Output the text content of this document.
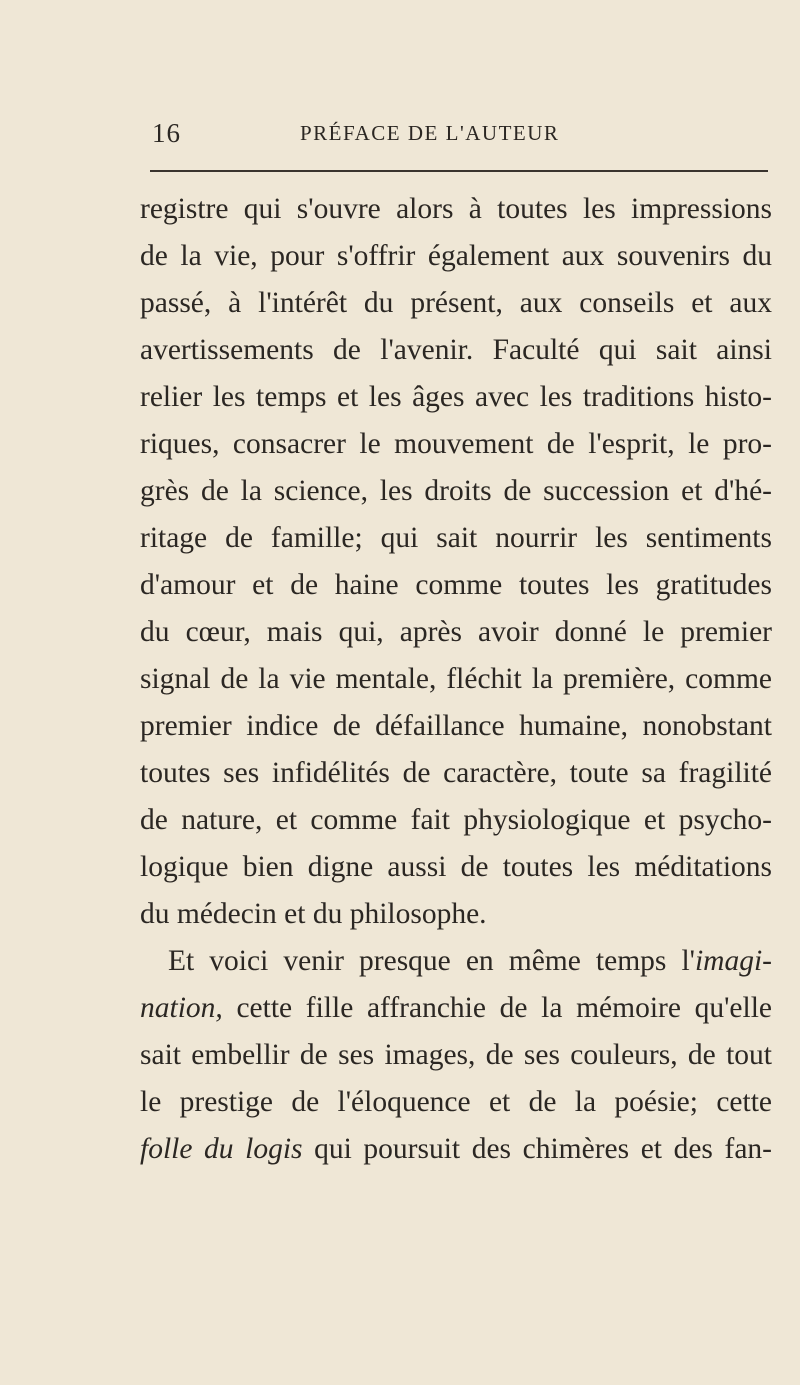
16	PRÉFACE DE L'AUTEUR
registre qui s'ouvre alors à toutes les impressions
de la vie, pour s'offrir également aux souvenirs du
passé, à l'intérêt du présent, aux conseils et aux
avertissements de l'avenir. Faculté qui sait ainsi
relier les temps et les âges avec les traditions histo-
riques, consacrer le mouvement de l'esprit, le pro-
grès de la science, les droits de succession et d'hé-
ritage de famille; qui sait nourrir les sentiments
d'amour et de haine comme toutes les gratitudes
du cœur, mais qui, après avoir donné le premier
signal de la vie mentale, fléchit la première, comme
premier indice de défaillance humaine, nonobstant
toutes ses infidélités de caractère, toute sa fragilité
de nature, et comme fait physiologique et psycho-
logique bien digne aussi de toutes les méditations
du médecin et du philosophe.
Et voici venir presque en même temps l'imagi-
nation, cette fille affranchie de la mémoire qu'elle
sait embellir de ses images, de ses couleurs, de tout
le prestige de l'éloquence et de la poésie; cette
folle du logis qui poursuit des chimères et des fan-
